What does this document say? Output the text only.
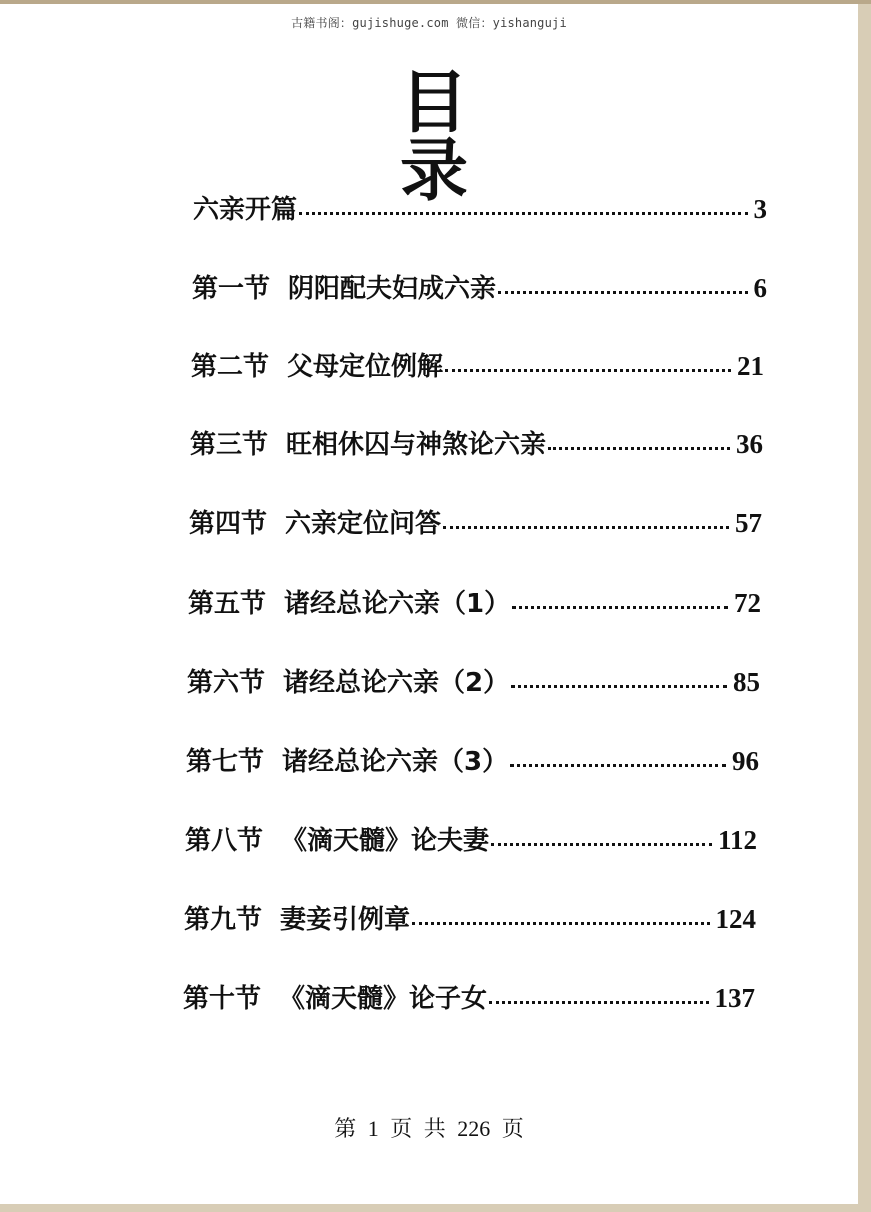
古籍书阁：gujishuge.com 微信：yishanguji
目 录
六亲开篇	3
第一节 阴阳配夫妇成六亲	6
第二节 父母定位例解	21
第三节 旺相休囚与神煞论六亲	36
第四节 六亲定位问答	57
第五节 诸经总论六亲（1）	72
第六节 诸经总论六亲（2）	85
第七节 诸经总论六亲（3）	96
第八节 《滴天髓》论夫妻	112
第九节 妻妾引例章	124
第十节 《滴天髓》论子女	137
第 1 页 共 226 页
